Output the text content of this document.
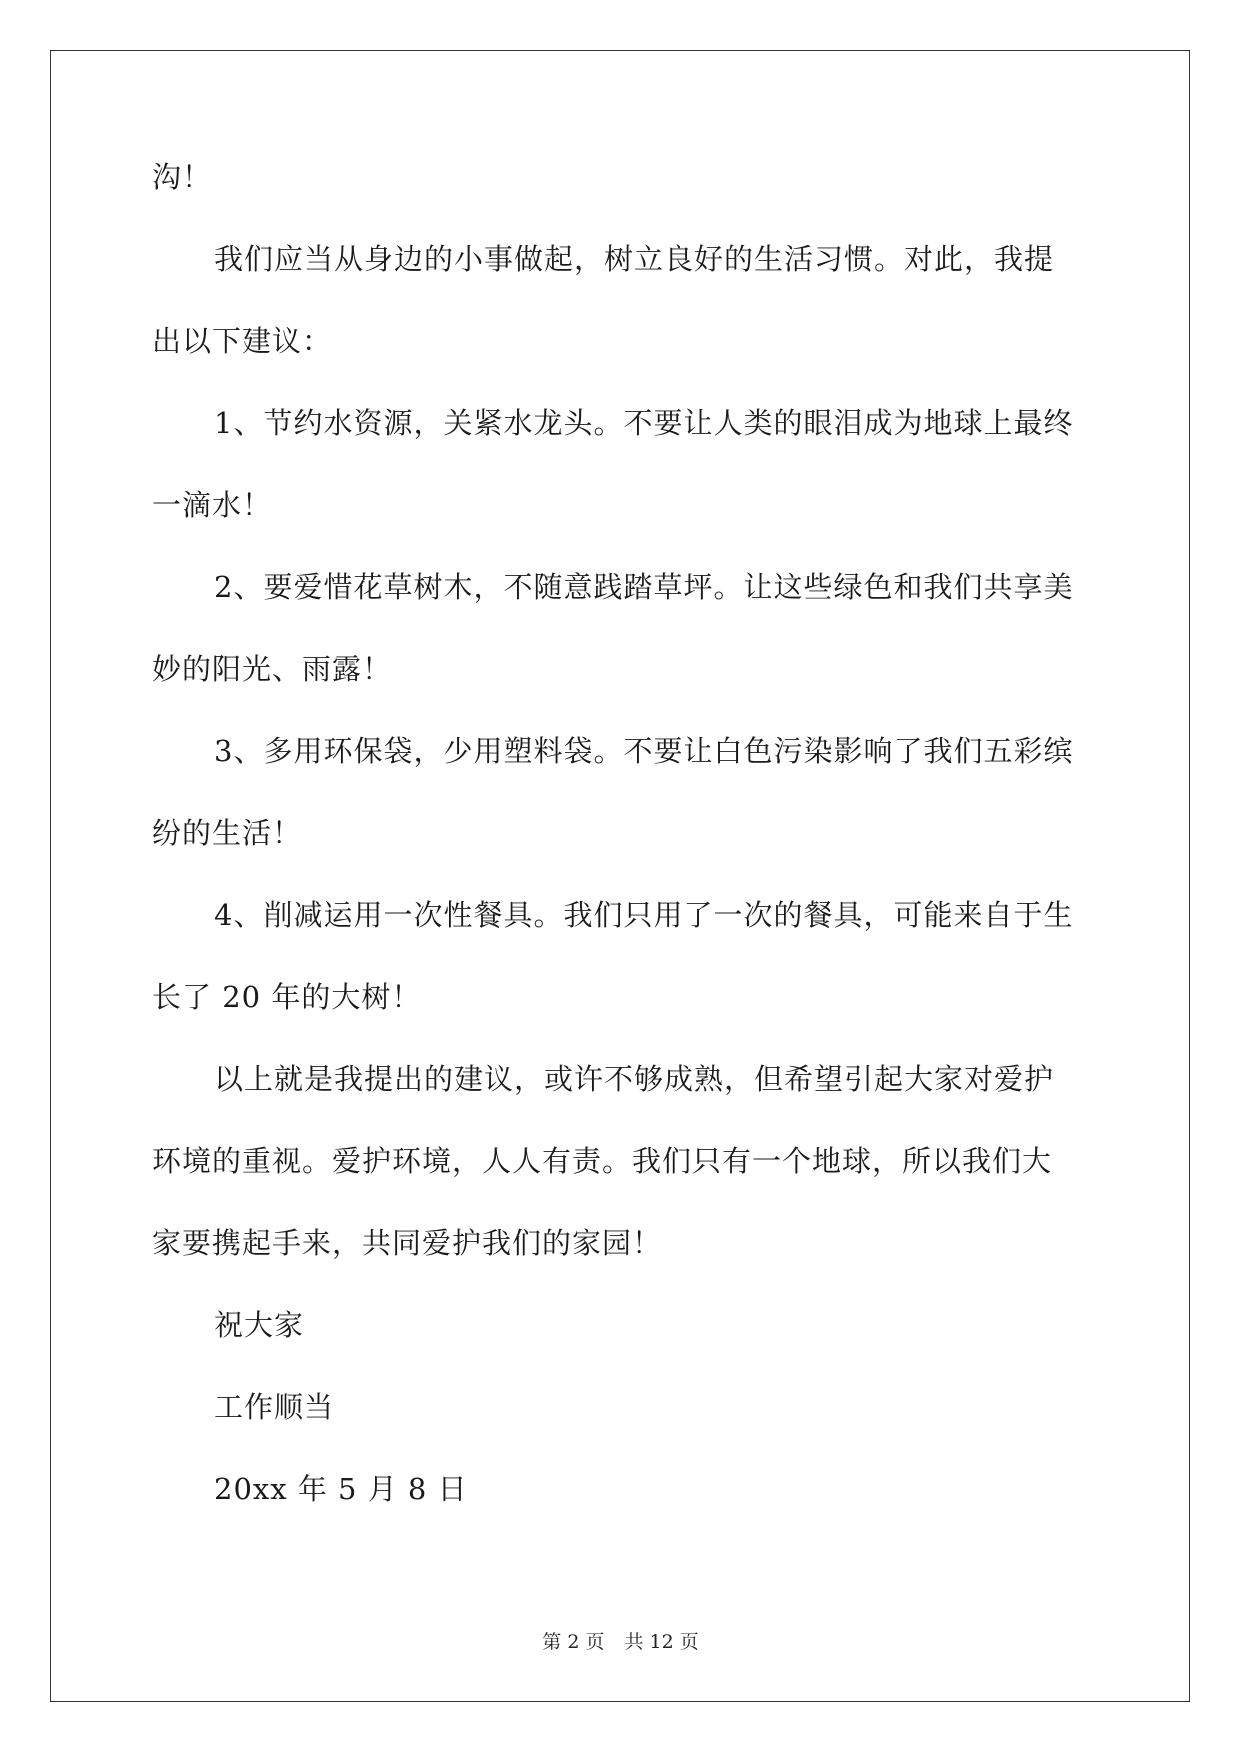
沟！
我们应当从身边的小事做起，树立良好的生活习惯。对此，我提
出以下建议：
1、节约水资源，关紧水龙头。不要让人类的眼泪成为地球上最终
一滴水！
2、要爱惜花草树木，不随意践踏草坪。让这些绿色和我们共享美
妙的阳光、雨露！
3、多用环保袋，少用塑料袋。不要让白色污染影响了我们五彩缤
纷的生活！
4、削减运用一次性餐具。我们只用了一次的餐具，可能来自于生
长了 20 年的大树！
以上就是我提出的建议，或许不够成熟，但希望引起大家对爱护
环境的重视。爱护环境，人人有责。我们只有一个地球，所以我们大
家要携起手来，共同爱护我们的家园！
祝大家
工作顺当
20xx 年 5 月 8 日
第 2 页 共 12 页
